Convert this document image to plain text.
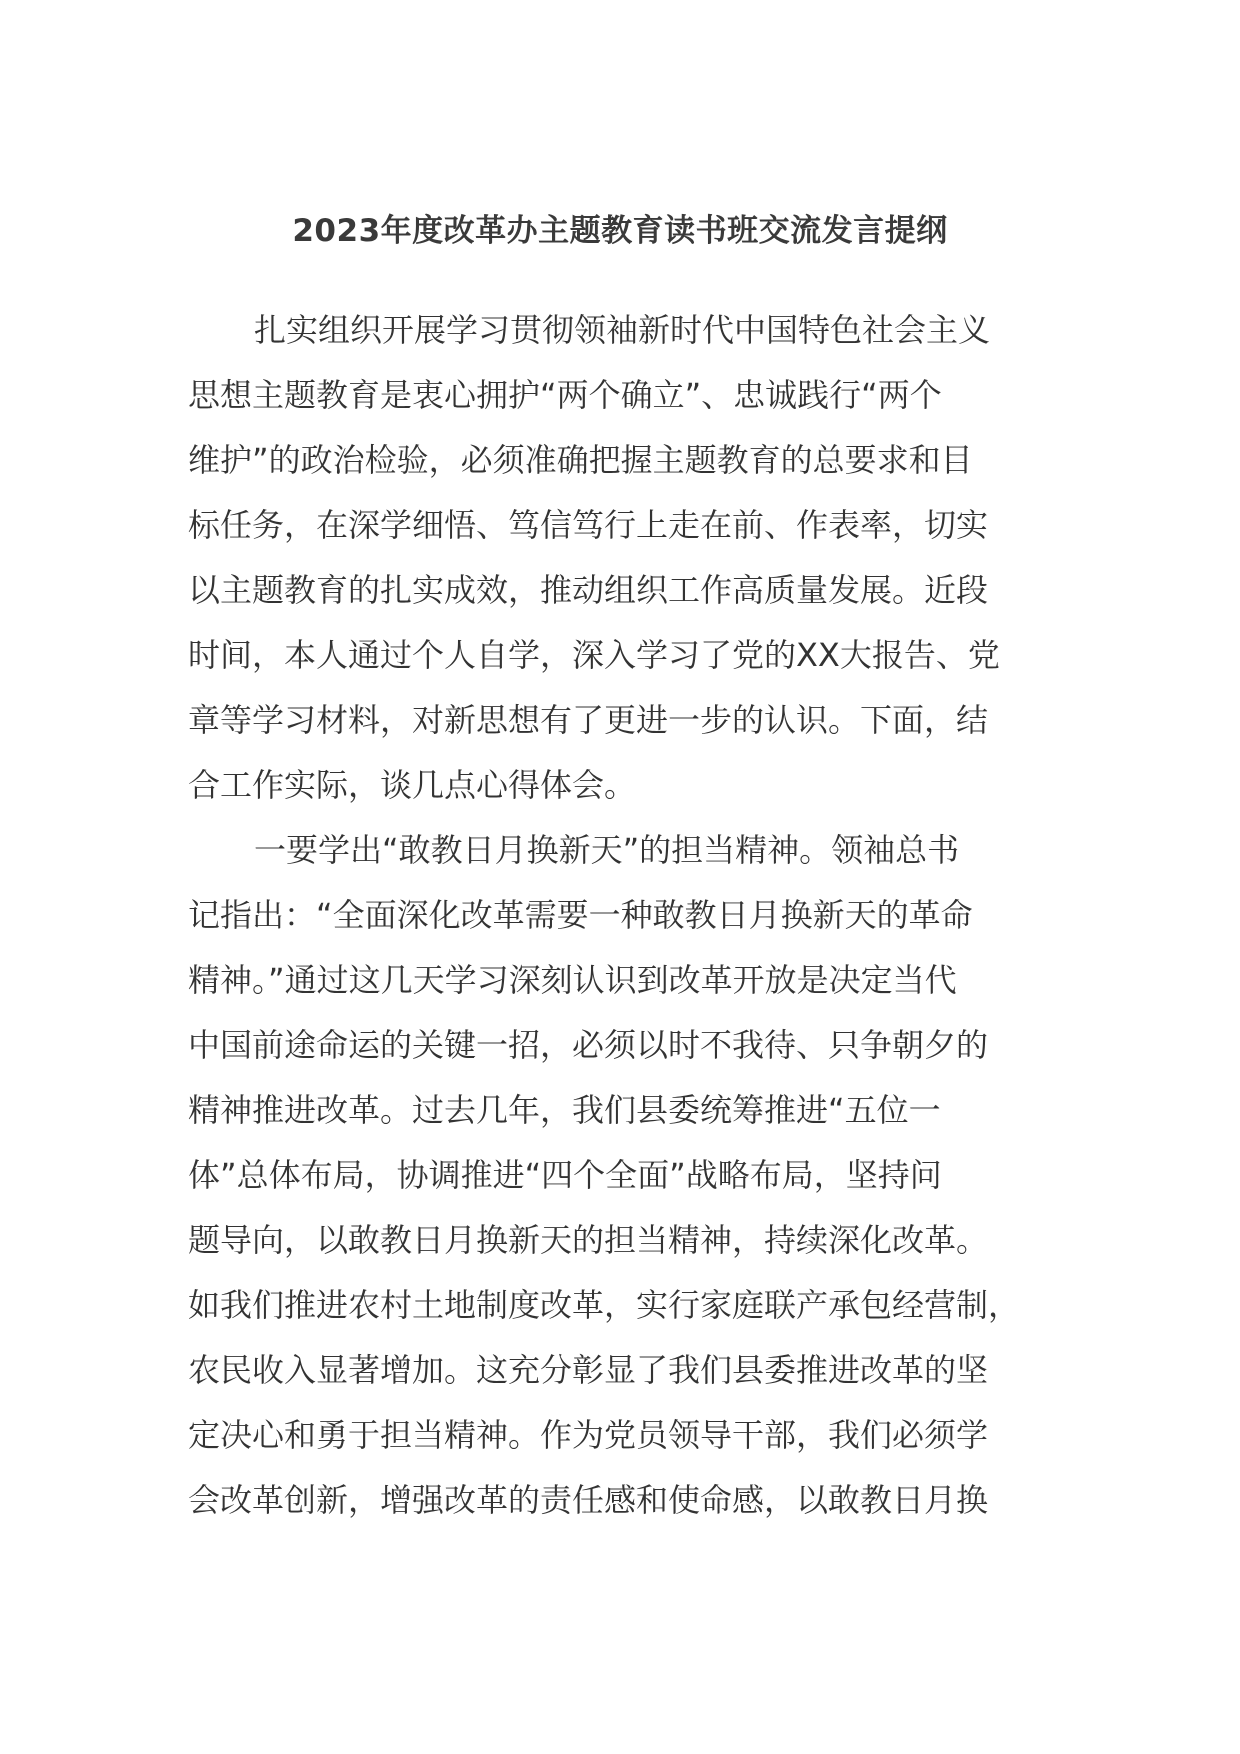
2023年度改革办主题教育读书班交流发言提纲
扎实组织开展学习贯彻领袖新时代中国特色社会主义
思想主题教育是衷心拥护“两个确立”、忠诚践行“两个
维护”的政治检验，必须准确把握主题教育的总要求和目
标任务，在深学细悟、笃信笃行上走在前、作表率，切实
以主题教育的扎实成效，推动组织工作高质量发展。近段
时间，本人通过个人自学，深入学习了党的XX大报告、党
章等学习材料，对新思想有了更进一步的认识。下面，结
合工作实际，谈几点心得体会。
一要学出“敢教日月换新天”的担当精神。领袖总书
记指出：“全面深化改革需要一种敢教日月换新天的革命
精神。”通过这几天学习深刻认识到改革开放是决定当代
中国前途命运的关键一招，必须以时不我待、只争朝夕的
精神推进改革。过去几年，我们县委统筹推进“五位一
体”总体布局，协调推进“四个全面”战略布局，坚持问
题导向，以敢教日月换新天的担当精神，持续深化改革。
如我们推进农村土地制度改革，实行家庭联产承包经营制，
农民收入显著增加。这充分彰显了我们县委推进改革的坚
定决心和勇于担当精神。作为党员领导干部，我们必须学
会改革创新，增强改革的责任感和使命感，以敢教日月换
